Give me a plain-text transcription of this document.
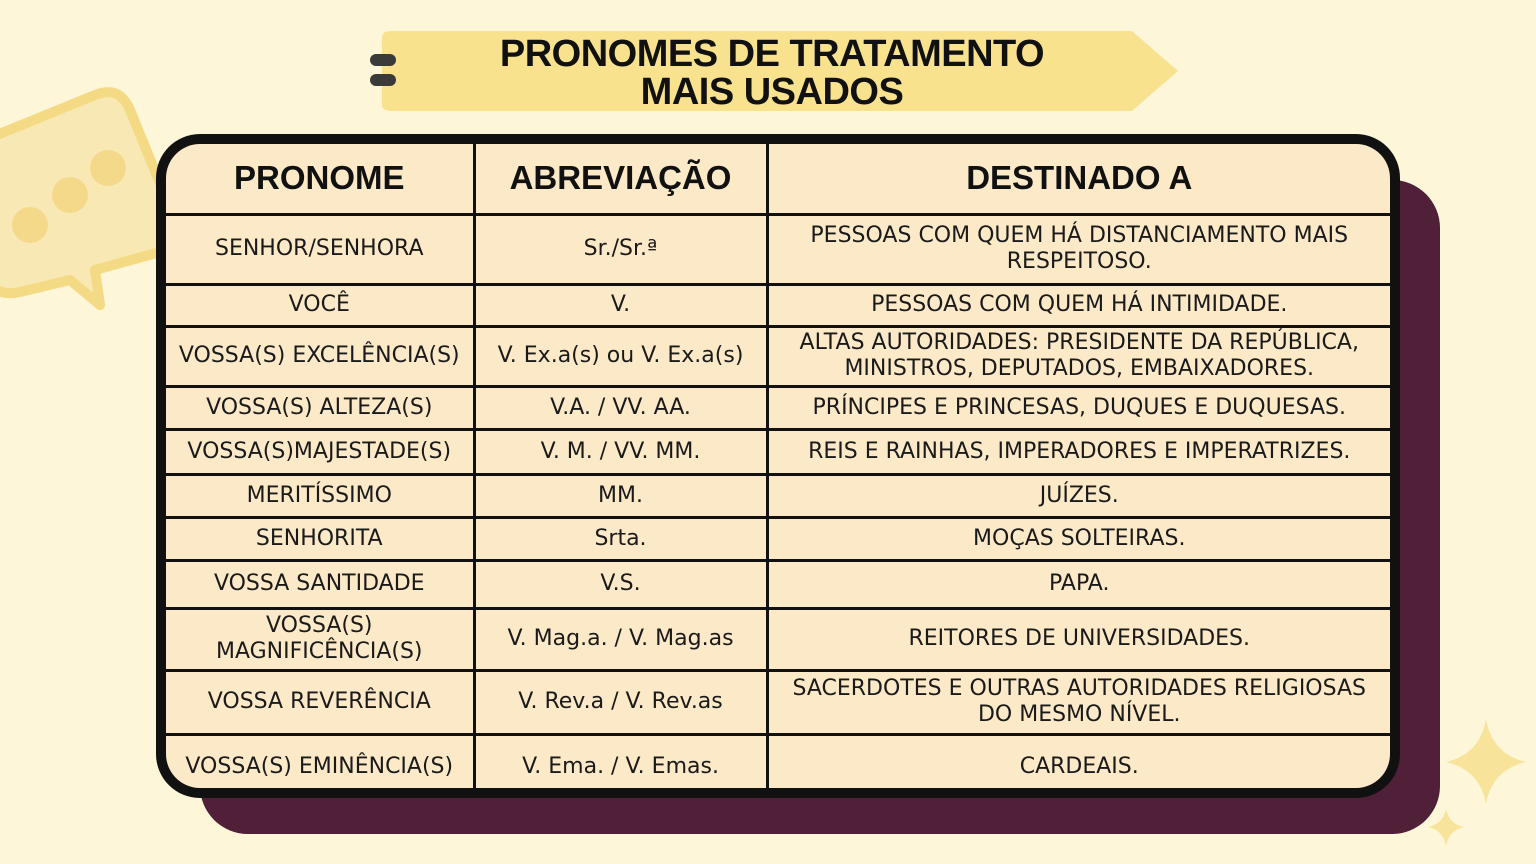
PRONOMES DE TRATAMENTO
MAIS USADOS
PRONOME	ABREVIAÇÃO	DESTINADO A
SENHOR/SENHORA	Sr./Sr.ª	PESSOAS COM QUEM HÁ DISTANCIAMENTO MAIS RESPEITOSO.
VOCÊ	V.	PESSOAS COM QUEM HÁ INTIMIDADE.
VOSSA(S) EXCELÊNCIA(S)	V. Ex.a(s) ou V. Ex.a(s)	ALTAS AUTORIDADES: PRESIDENTE DA REPÚBLICA, MINISTROS, DEPUTADOS, EMBAIXADORES.
VOSSA(S) ALTEZA(S)	V.A. / VV. AA.	PRÍNCIPES E PRINCESAS, DUQUES E DUQUESAS.
VOSSA(S)MAJESTADE(S)	V. M. / VV. MM.	REIS E RAINHAS, IMPERADORES E IMPERATRIZES.
MERITÍSSIMO	MM.	JUÍZES.
SENHORITA	Srta.	MOÇAS SOLTEIRAS.
VOSSA SANTIDADE	V.S.	PAPA.
VOSSA(S) MAGNIFICÊNCIA(S)	V. Mag.a. / V. Mag.as	REITORES DE UNIVERSIDADES.
VOSSA REVERÊNCIA	V. Rev.a / V. Rev.as	SACERDOTES E OUTRAS AUTORIDADES RELIGIOSAS DO MESMO NÍVEL.
VOSSA(S) EMINÊNCIA(S)	V. Ema. / V. Emas.	CARDEAIS.
